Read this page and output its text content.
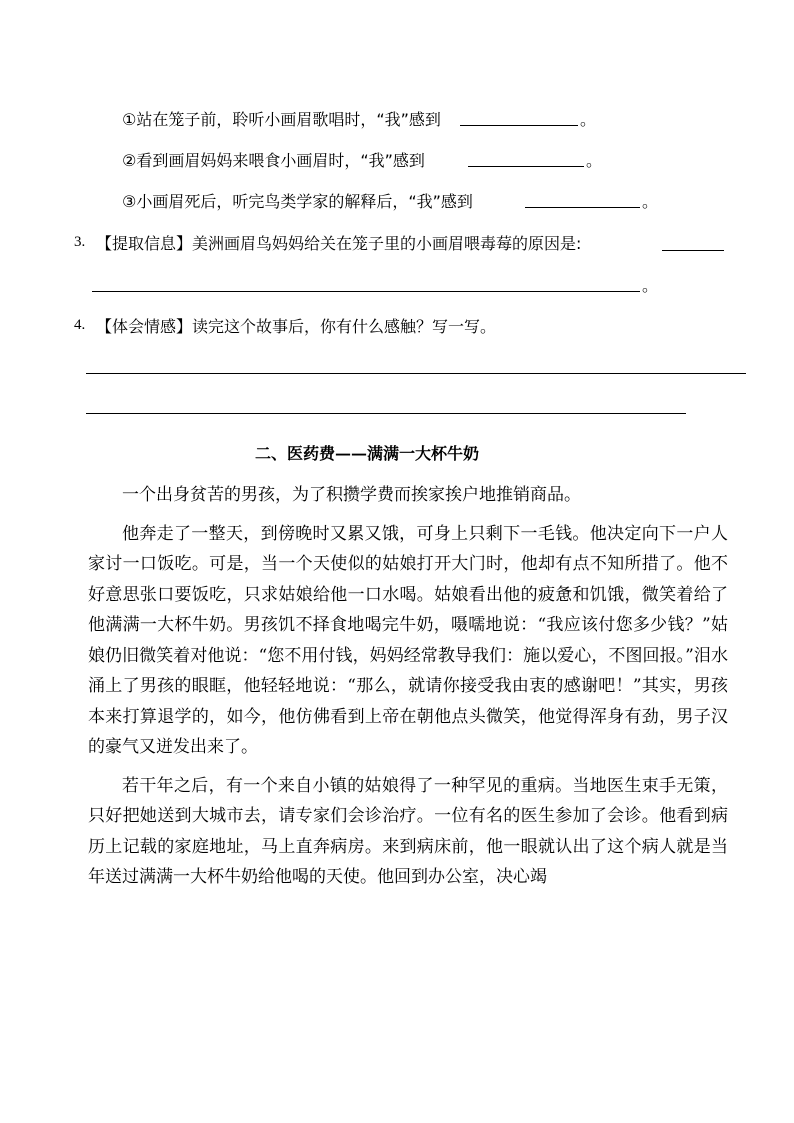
①站在笼子前，聆听小画眉歌唱时，“我”感到	。
②看到画眉妈妈来喂食小画眉时，“我”感到	。
③小画眉死后，听完鸟类学家的解释后，“我”感到	。
3. 【提取信息】美洲画眉鸟妈妈给关在笼子里的小画眉喂毒莓的原因是:
。
4. 【体会情感】读完这个故事后，你有什么感触？写一写。
二、医药费——满满一大杯牛奶

一个出身贫苦的男孩，为了积攒学费而挨家挨户地推销商品。

他奔走了一整天，到傍晚时又累又饿，可身上只剩下一毛钱。他决定向下一户人家讨一口饭吃。可是，当一个天使似的姑娘打开大门时，他却有点不知所措了。他不好意思张口要饭吃，只求姑娘给他一口水喝。姑娘看出他的疲惫和饥饿，微笑着给了他满满一大杯牛奶。男孩饥不择食地喝完牛奶，嗫嚅地说：“我应该付您多少钱？”姑娘仍旧微笑着对他说：“您不用付钱，妈妈经常教导我们：施以爱心，不图回报。”泪水涌上了男孩的眼眶，他轻轻地说：“那么，就请你接受我由衷的感谢吧！”其实，男孩本来打算退学的，如今，他仿佛看到上帝在朝他点头微笑，他觉得浑身有劲，男子汉的豪气又迸发出来了。

若干年之后，有一个来自小镇的姑娘得了一种罕见的重病。当地医生束手无策，只好把她送到大城市去，请专家们会诊治疗。一位有名的医生参加了会诊。他看到病历上记载的家庭地址，马上直奔病房。来到病床前，他一眼就认出了这个病人就是当年送过满满一大杯牛奶给他喝的天使。他回到办公室，决心竭
